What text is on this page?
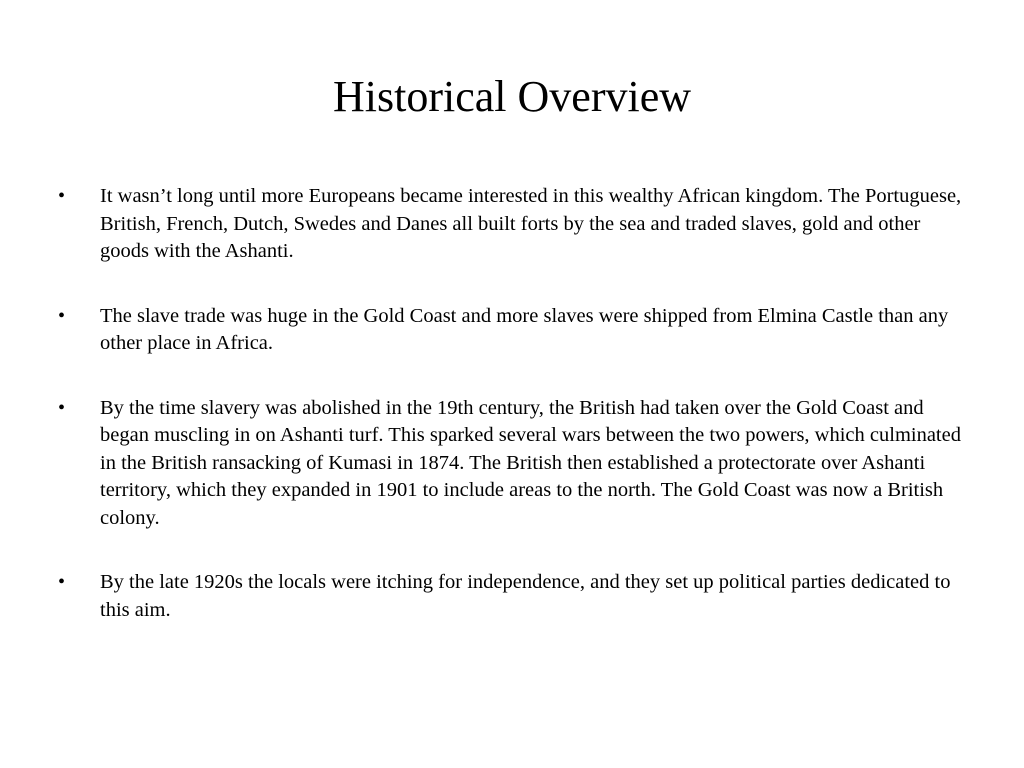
Historical Overview
• It wasn’t long until more Europeans became interested in this wealthy African kingdom. The Portuguese, British, French, Dutch, Swedes and Danes all built forts by the sea and traded slaves, gold and other goods with the Ashanti.
• The slave trade was huge in the Gold Coast and more slaves were shipped from Elmina Castle than any other place in Africa.
• By the time slavery was abolished in the 19th century, the British had taken over the Gold Coast and began muscling in on Ashanti turf. This sparked several wars between the two powers, which culminated in the British ransacking of Kumasi in 1874. The British then established a protectorate over Ashanti territory, which they expanded in 1901 to include areas to the north. The Gold Coast was now a British colony.
• By the late 1920s the locals were itching for independence, and they set up political parties dedicated to this aim.
